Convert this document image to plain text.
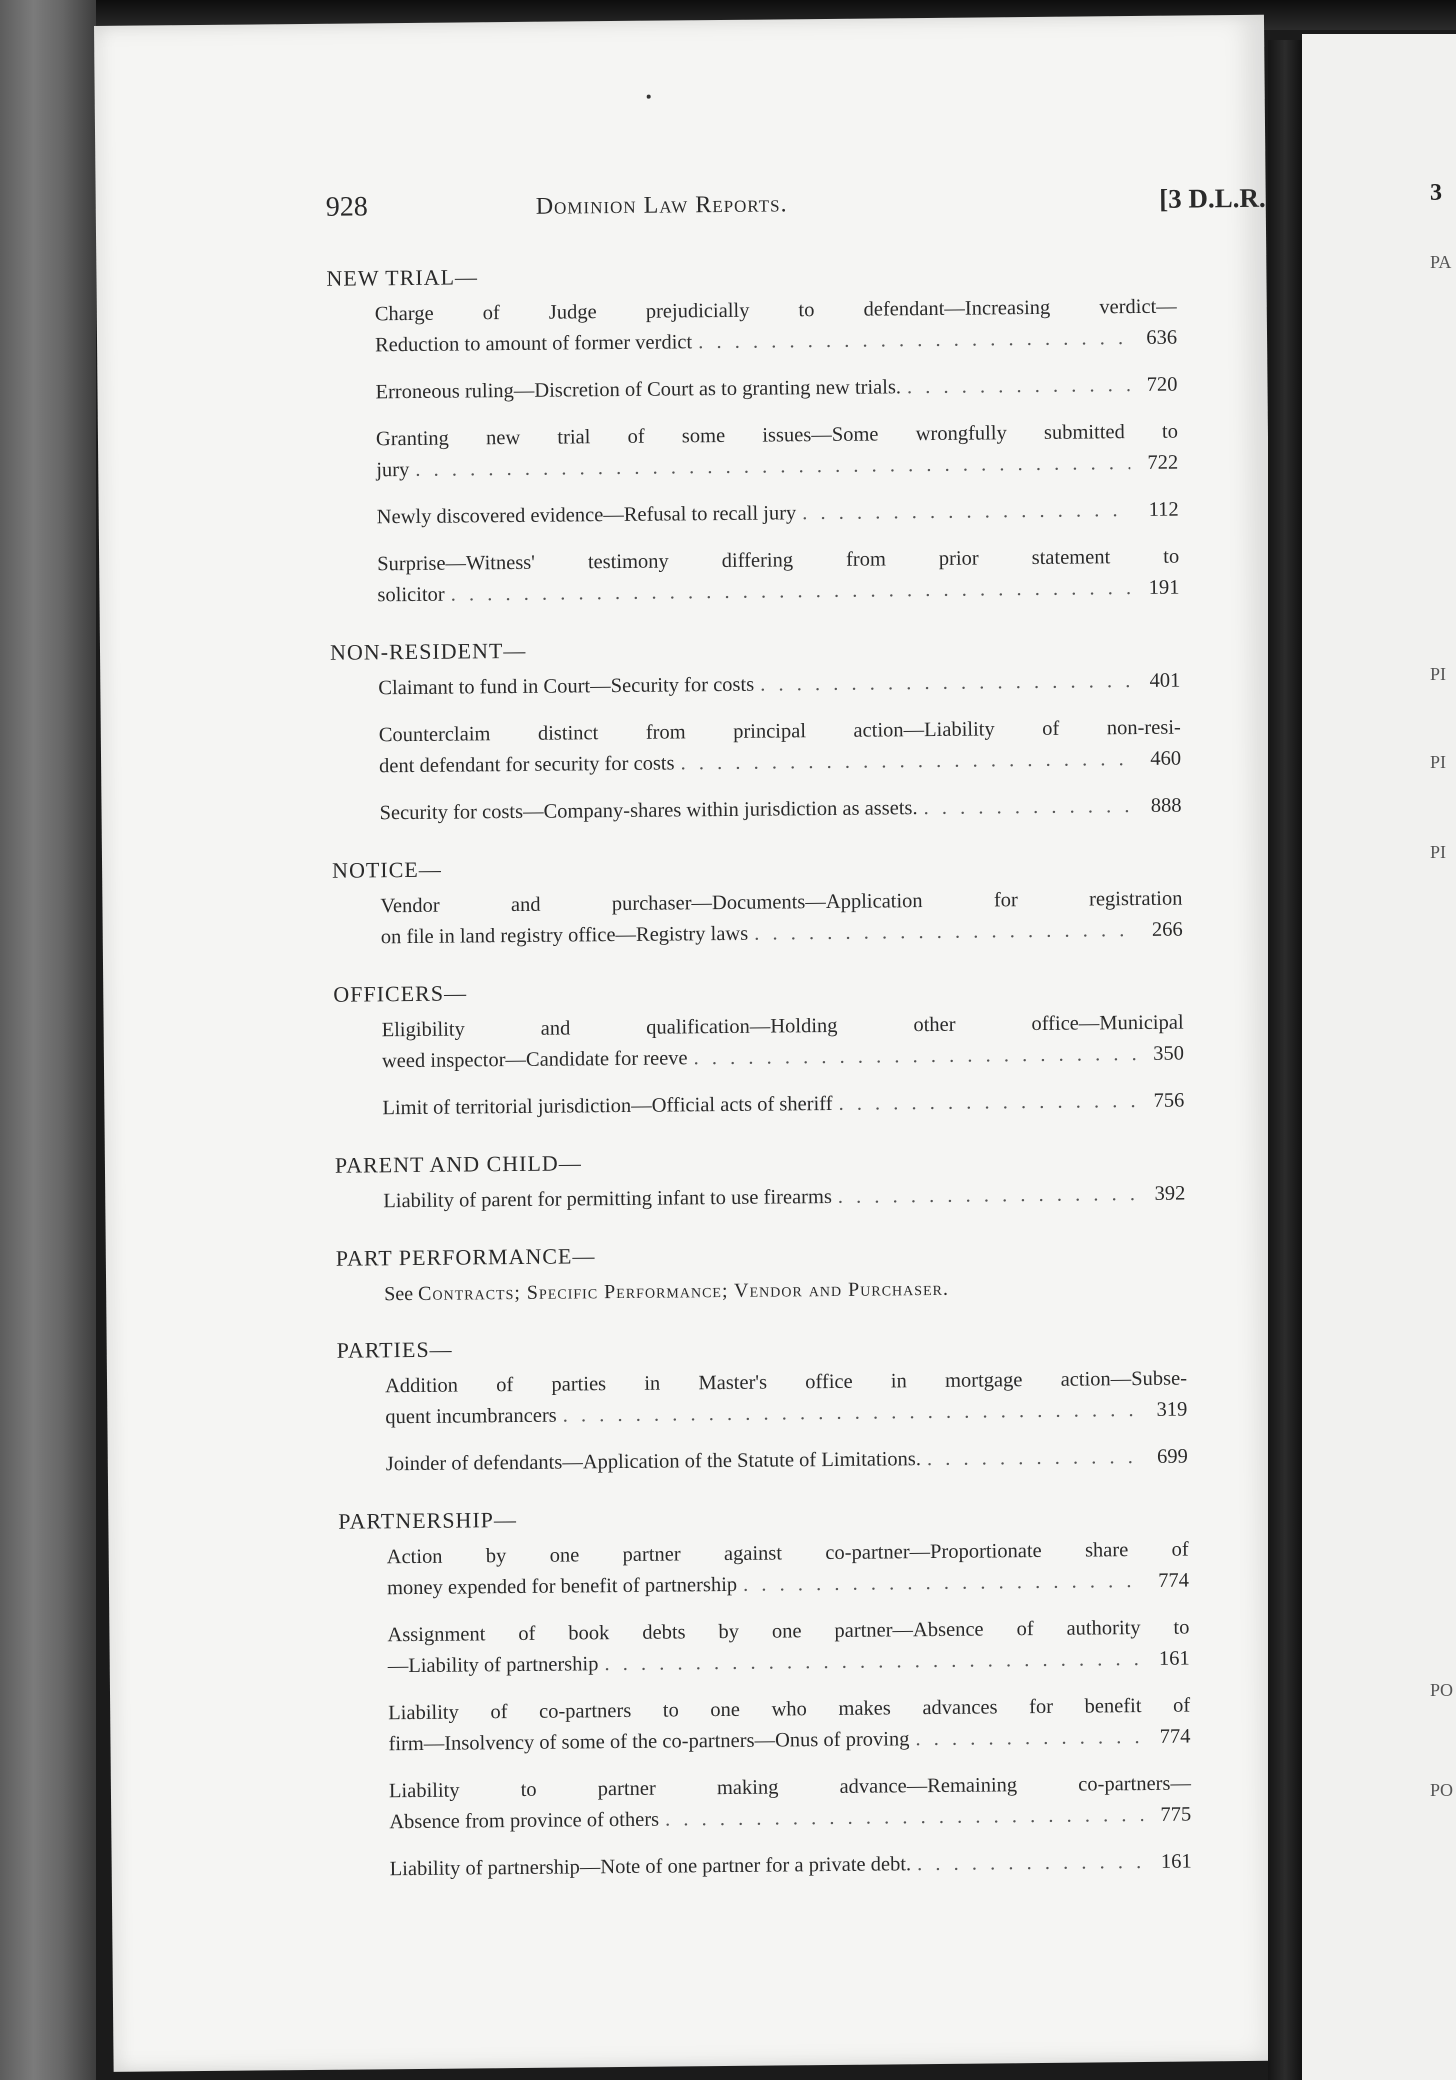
928	Dominion Law Reports.	[3 D.L.R.
NEW TRIAL—
Charge of Judge prejudicially to defendant—Increasing verdict—
Reduction to amount of former verdict . . .	636
Erroneous ruling—Discretion of Court as to granting new trials. . . .	720
Granting new trial of some issues—Some wrongfully submitted to
jury . . .	722
Newly discovered evidence—Refusal to recall jury . . .	112
Surprise—Witness' testimony differing from prior statement to
solicitor . . .	191
NON-RESIDENT—
Claimant to fund in Court—Security for costs . . .	401
Counterclaim distinct from principal action—Liability of non-resi-
dent defendant for security for costs . . .	460
Security for costs—Company-shares within jurisdiction as assets. . . .	888
NOTICE—
Vendor and purchaser—Documents—Application for registration
on file in land registry office—Registry laws . . .	266
OFFICERS—
Eligibility and qualification—Holding other office—Municipal
weed inspector—Candidate for reeve . . .	350
Limit of territorial jurisdiction—Official acts of sheriff . . .	756
PARENT AND CHILD—
Liability of parent for permitting infant to use firearms . . .	392
PART PERFORMANCE—
See Contracts; Specific Performance; Vendor and Purchaser.
PARTIES—
Addition of parties in Master's office in mortgage action—Subse-
quent incumbrancers . . .	319
Joinder of defendants—Application of the Statute of Limitations. . . .	699
PARTNERSHIP—
Action by one partner against co-partner—Proportionate share of
money expended for benefit of partnership . . .	774
Assignment of book debts by one partner—Absence of authority to
—Liability of partnership . . .	161
Liability of co-partners to one who makes advances for benefit of
firm—Insolvency of some of the co-partners—Onus of proving . . .	774
Liability to partner making advance—Remaining co-partners—
Absence from province of others . . .	775
Liability of partnership—Note of one partner for a private debt. . . .	161
3
PA
PI
PI
PI
PO
PO
